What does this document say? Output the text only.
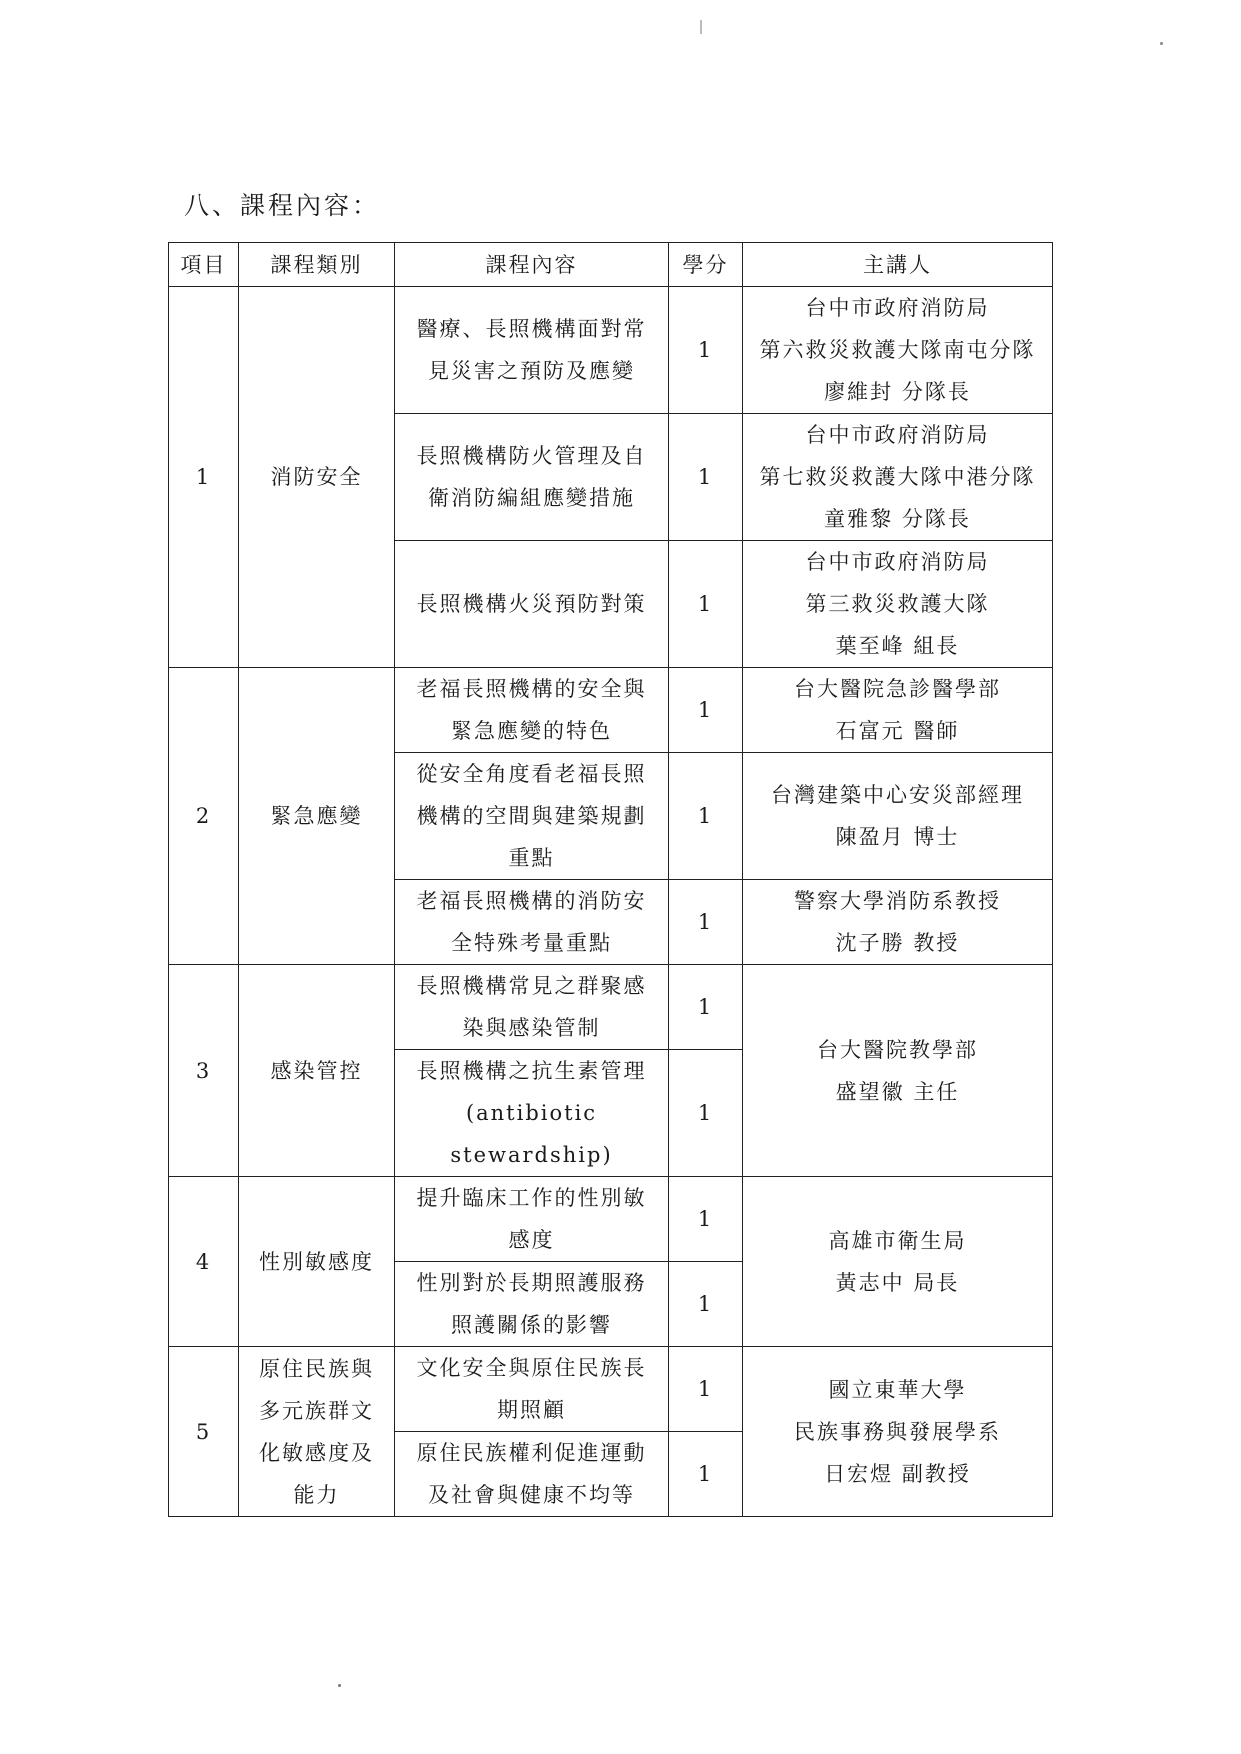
八、課程內容：
項目	課程類別	課程內容	學分	主講人
1	消防安全	醫療、長照機構面對常
見災害之預防及應變	1	台中市政府消防局
第六救災救護大隊南屯分隊
廖維封 分隊長

		長照機構防火管理及自
衛消防編組應變措施	1	台中市政府消防局
第七救災救護大隊中港分隊
童雅黎 分隊長

		長照機構火災預防對策	1	台中市政府消防局
第三救災救護大隊
葉至峰 組長

2	緊急應變	老福長照機構的安全與
緊急應變的特色	1	台大醫院急診醫學部
石富元 醫師

		從安全角度看老福長照
機構的空間與建築規劃
重點	1	台灣建築中心安災部經理
陳盈月 博士

		老福長照機構的消防安
全特殊考量重點	1	警察大學消防系教授
沈子勝 教授

3	感染管控	長照機構常見之群聚感
染與感染管制	1	台大醫院教學部
盛望徽 主任

		長照機構之抗生素管理
(antibiotic
stewardship)	1	
4	性別敏感度	提升臨床工作的性別敏
感度	1	高雄市衛生局
黃志中 局長

		性別對於長期照護服務
照護關係的影響	1	
5	原住民族與
多元族群文
化敏感度及
能力	文化安全與原住民族長
期照顧	1	國立東華大學
民族事務與發展學系
日宏煜 副教授

		原住民族權利促進運動
及社會與健康不均等	1	
